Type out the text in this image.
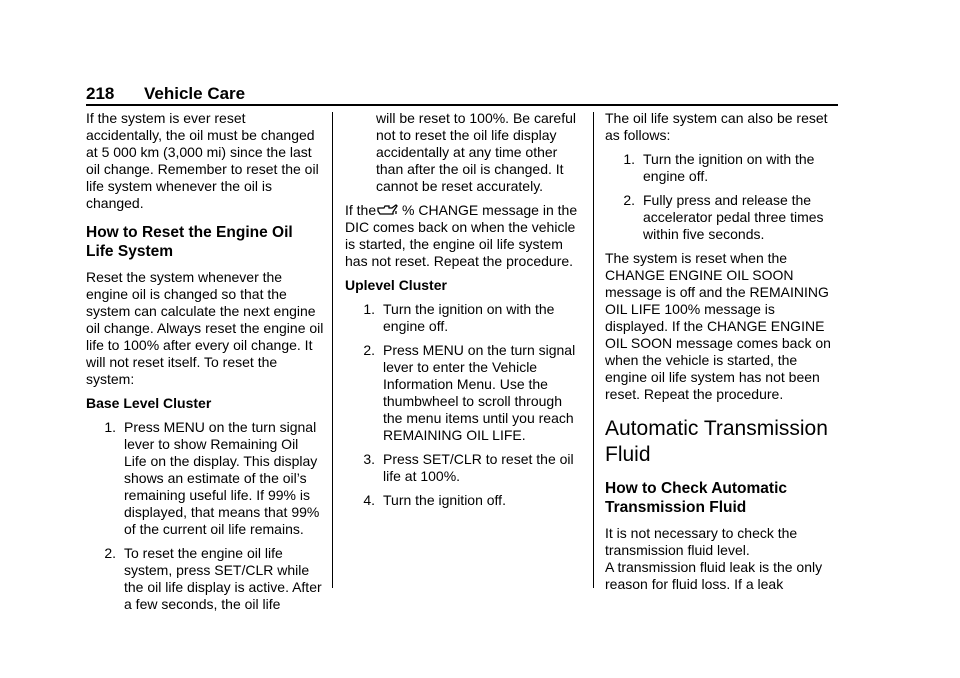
218 Vehicle Care

If the system is ever reset accidentally, the oil must be changed at 5 000 km (3,000 mi) since the last oil change. Remember to reset the oil life system whenever the oil is changed.

How to Reset the Engine Oil Life System

Reset the system whenever the engine oil is changed so that the system can calculate the next engine oil change. Always reset the engine oil life to 100% after every oil change. It will not reset itself. To reset the system:

Base Level Cluster
1. Press MENU on the turn signal lever to show Remaining Oil Life on the display. This display shows an estimate of the oil’s remaining useful life. If 99% is displayed, that means that 99% of the current oil life remains.
2. To reset the engine oil life system, press SET/CLR while the oil life display is active. After a few seconds, the oil life

will be reset to 100%. Be careful not to reset the oil life display accidentally at any time other than after the oil is changed. It cannot be reset accurately.

If the % CHANGE message in the DIC comes back on when the vehicle is started, the engine oil life system has not reset. Repeat the procedure.

Uplevel Cluster
1. Turn the ignition on with the engine off.
2. Press MENU on the turn signal lever to enter the Vehicle Information Menu. Use the thumbwheel to scroll through the menu items until you reach REMAINING OIL LIFE.
3. Press SET/CLR to reset the oil life at 100%.
4. Turn the ignition off.

The oil life system can also be reset as follows:

1. Turn the ignition on with the engine off.
2. Fully press and release the accelerator pedal three times within five seconds.

The system is reset when the CHANGE ENGINE OIL SOON message is off and the REMAINING OIL LIFE 100% message is displayed. If the CHANGE ENGINE OIL SOON message comes back on when the vehicle is started, the engine oil life system has not been reset. Repeat the procedure.

Automatic Transmission Fluid
How to Check Automatic Transmission Fluid

It is not necessary to check the transmission fluid level.

A transmission fluid leak is the only reason for fluid loss. If a leak
